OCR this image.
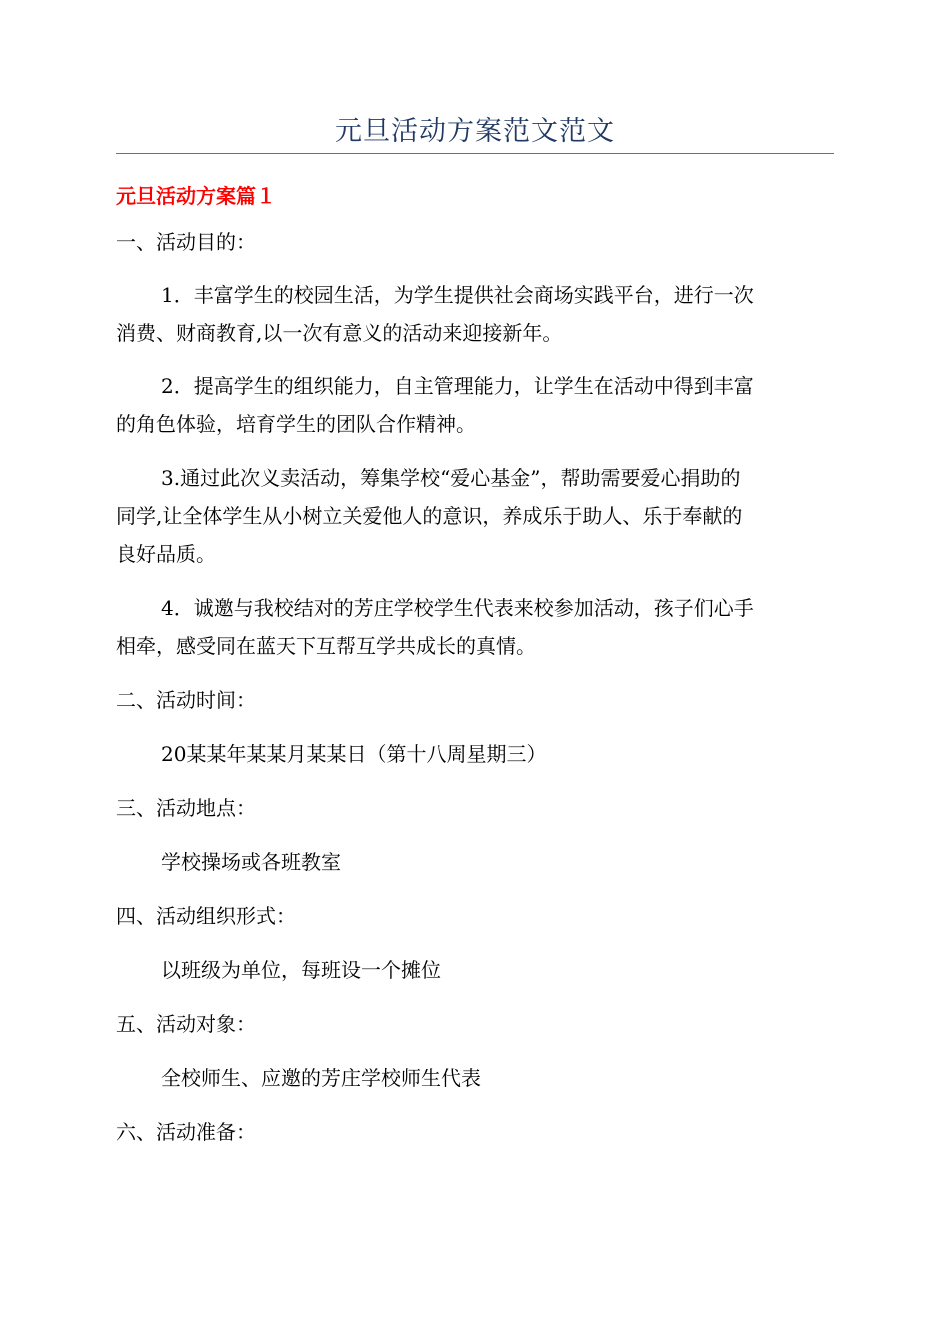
元旦活动方案范文范文
元旦活动方案篇１

一、活动目的：

1．丰富学生的校园生活，为学生提供社会商场实践平台，进行一次

消费、财商教育,以一次有意义的活动来迎接新年。

2．提高学生的组织能力，自主管理能力，让学生在活动中得到丰富

的角色体验，培育学生的团队合作精神。

3.通过此次义卖活动，筹集学校“爱心基金”，帮助需要爱心捐助的

同学,让全体学生从小树立关爱他人的意识，养成乐于助人、乐于奉献的

良好品质。

4．诚邀与我校结对的芳庄学校学生代表来校参加活动，孩子们心手

相牵，感受同在蓝天下互帮互学共成长的真情。

二、活动时间：

20某某年某某月某某日（第十八周星期三）

三、活动地点：

学校操场或各班教室

四、活动组织形式：

以班级为单位，每班设一个摊位

五、活动对象：

全校师生、应邀的芳庄学校师生代表

六、活动准备：
